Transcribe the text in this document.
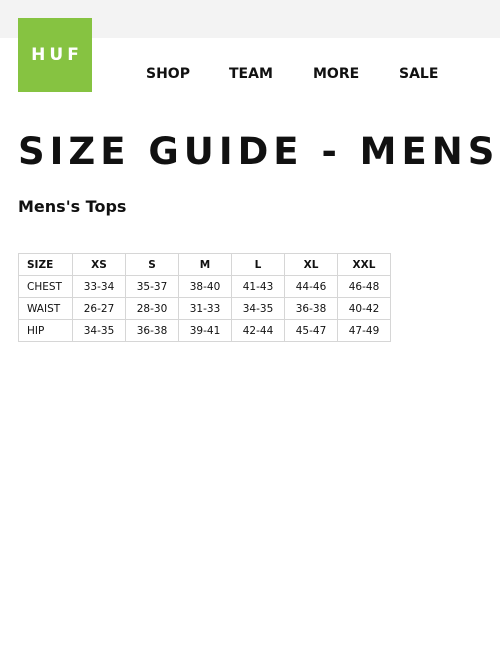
HUF
SHOP	TEAM	MORE	SALE
SIZE GUIDE - MENS
Mens's Tops
SIZE	XS	S	M	L	XL	XXL
CHEST	33-34	35-37	38-40	41-43	44-46	46-48
WAIST	26-27	28-30	31-33	34-35	36-38	40-42
HIP	34-35	36-38	39-41	42-44	45-47	47-49
